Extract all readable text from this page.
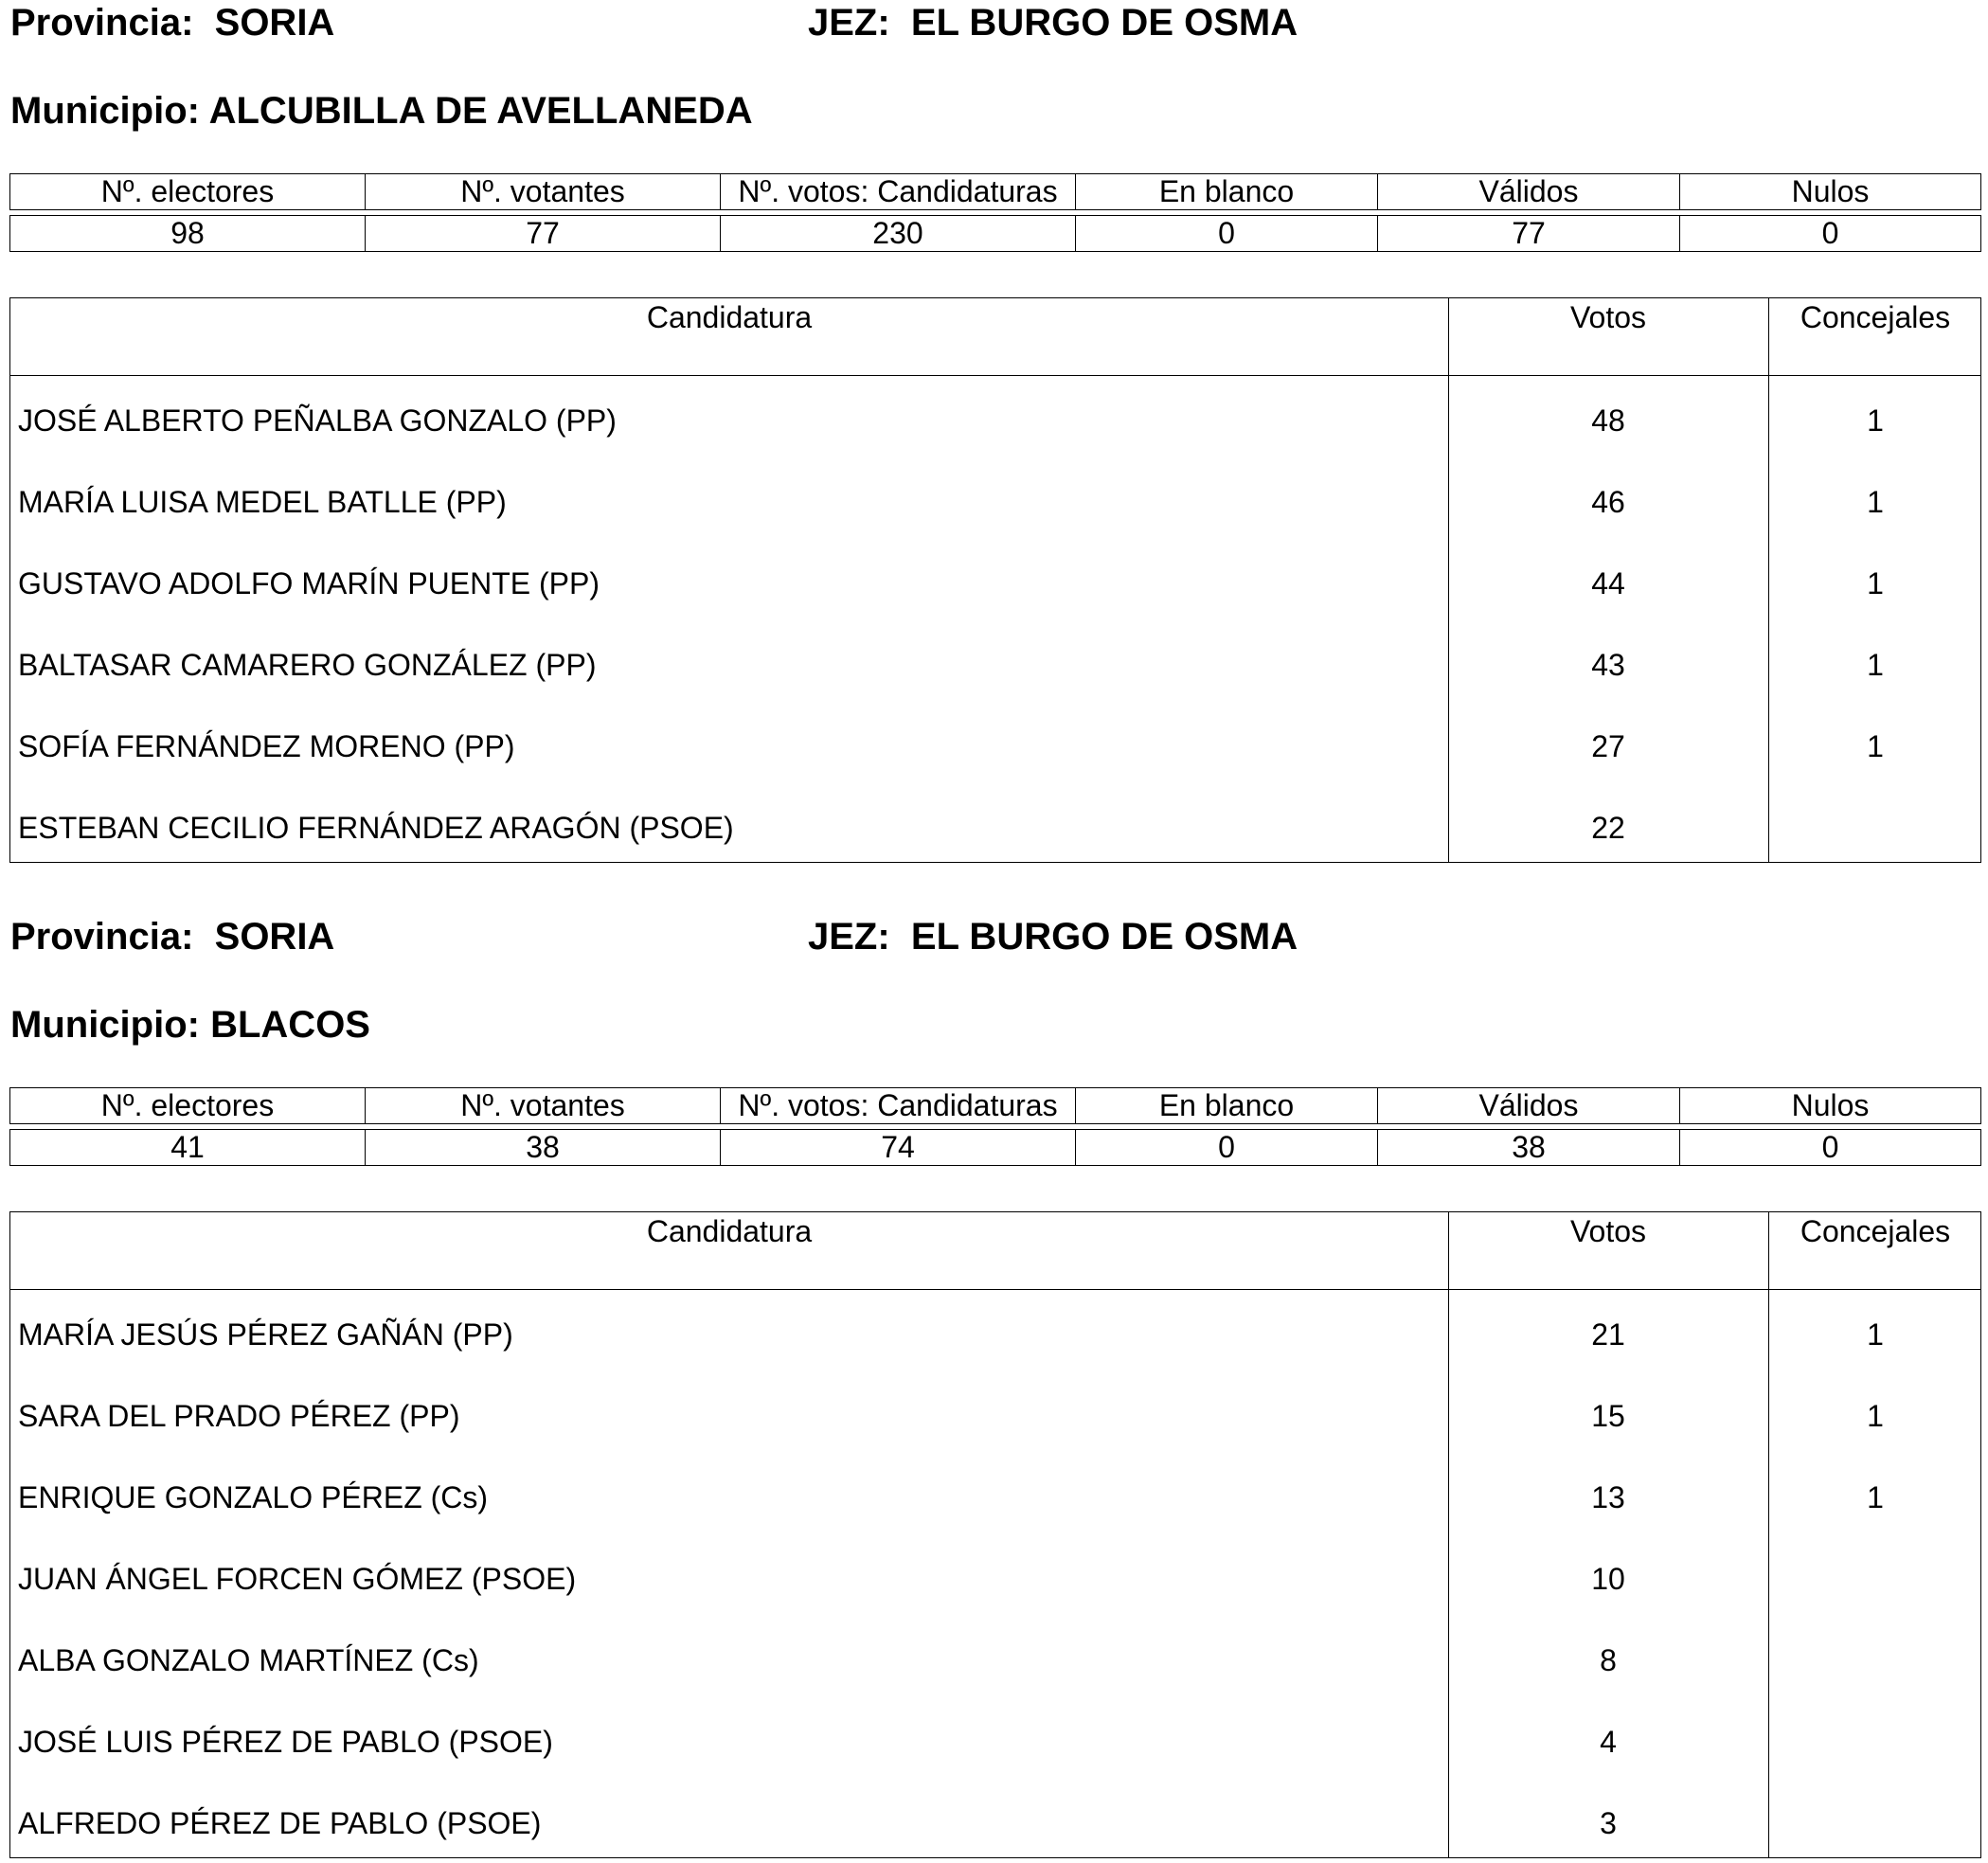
Provincia: SORIA	JEZ: EL BURGO DE OSMA
Municipio: ALCUBILLA DE AVELLANEDA
Nº. electores	Nº. votantes	Nº. votos: Candidaturas	En blanco	Válidos	Nulos

98	77	230	0	77	0
Candidatura	Votos	Concejales
JOSÉ ALBERTO PEÑALBA GONZALO (PP)	48	1
MARÍA LUISA MEDEL BATLLE (PP)	46	1
GUSTAVO ADOLFO MARÍN PUENTE (PP)	44	1
BALTASAR CAMARERO GONZÁLEZ (PP)	43	1
SOFÍA FERNÁNDEZ MORENO (PP)	27	1
ESTEBAN CECILIO FERNÁNDEZ ARAGÓN (PSOE)	22
Provincia: SORIA	JEZ: EL BURGO DE OSMA
Municipio: BLACOS
Nº. electores	Nº. votantes	Nº. votos: Candidaturas	En blanco	Válidos	Nulos

41	38	74	0	38	0
Candidatura	Votos	Concejales
MARÍA JESÚS PÉREZ GAÑÁN (PP)	21	1
SARA DEL PRADO PÉREZ (PP)	15	1
ENRIQUE GONZALO PÉREZ (Cs)	13	1
JUAN ÁNGEL FORCEN GÓMEZ (PSOE)	10
ALBA GONZALO MARTÍNEZ (Cs)	8
JOSÉ LUIS PÉREZ DE PABLO (PSOE)	4
ALFREDO PÉREZ DE PABLO (PSOE)	3
